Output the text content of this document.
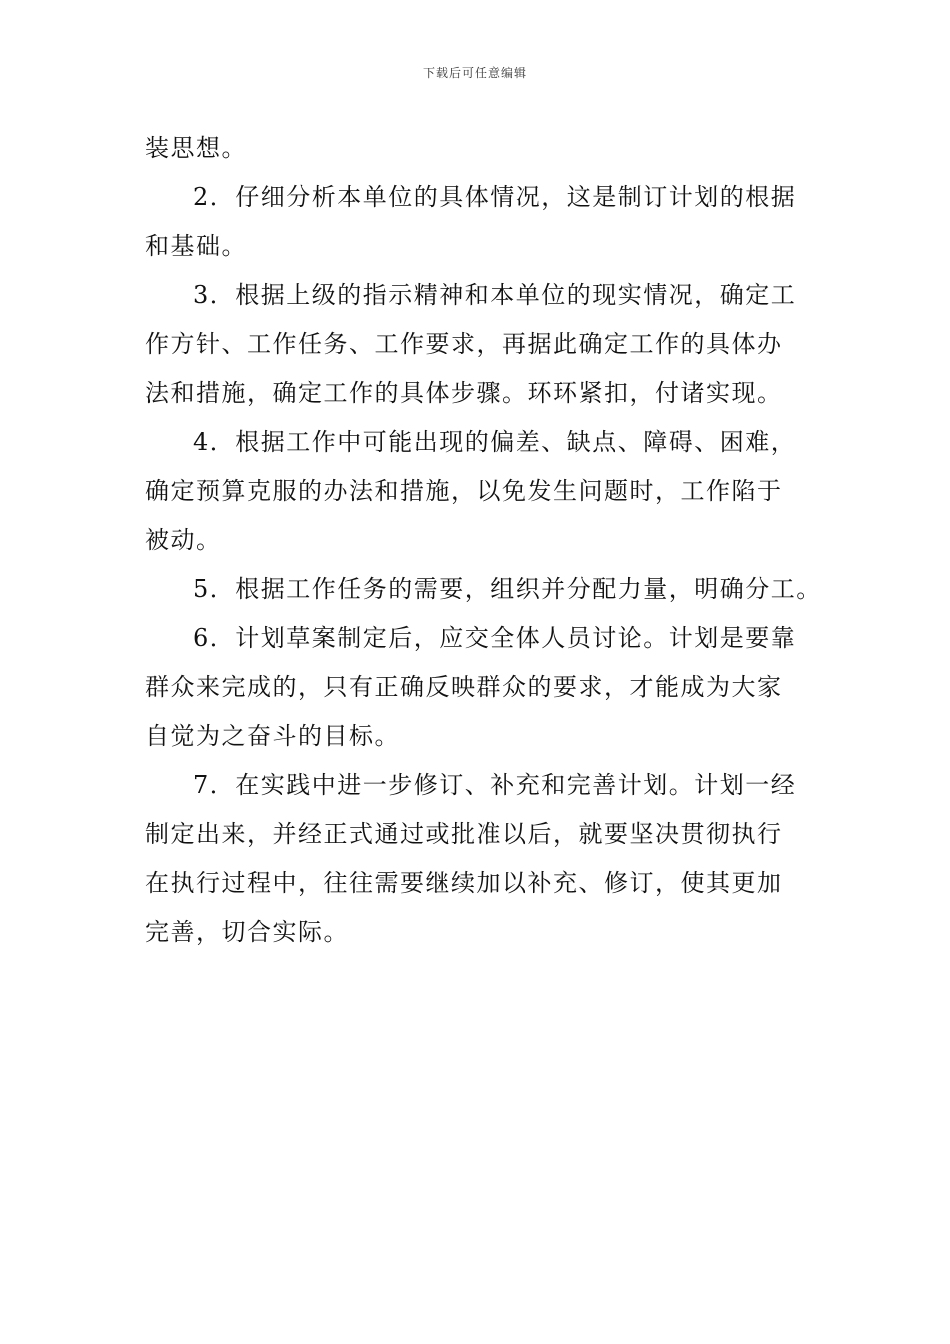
下载后可任意编辑
装思想。
2．仔细分析本单位的具体情况，这是制订计划的根据
和基础。
3．根据上级的指示精神和本单位的现实情况，确定工
作方针、工作任务、工作要求，再据此确定工作的具体办
法和措施，确定工作的具体步骤。环环紧扣，付诸实现。
4．根据工作中可能出现的偏差、缺点、障碍、困难，
确定预算克服的办法和措施，以免发生问题时，工作陷于
被动。
5．根据工作任务的需要，组织并分配力量，明确分工。
6．计划草案制定后，应交全体人员讨论。计划是要靠
群众来完成的，只有正确反映群众的要求，才能成为大家
自觉为之奋斗的目标。
7．在实践中进一步修订、补充和完善计划。计划一经
制定出来，并经正式通过或批准以后，就要坚决贯彻执行
在执行过程中，往往需要继续加以补充、修订，使其更加
完善，切合实际。
